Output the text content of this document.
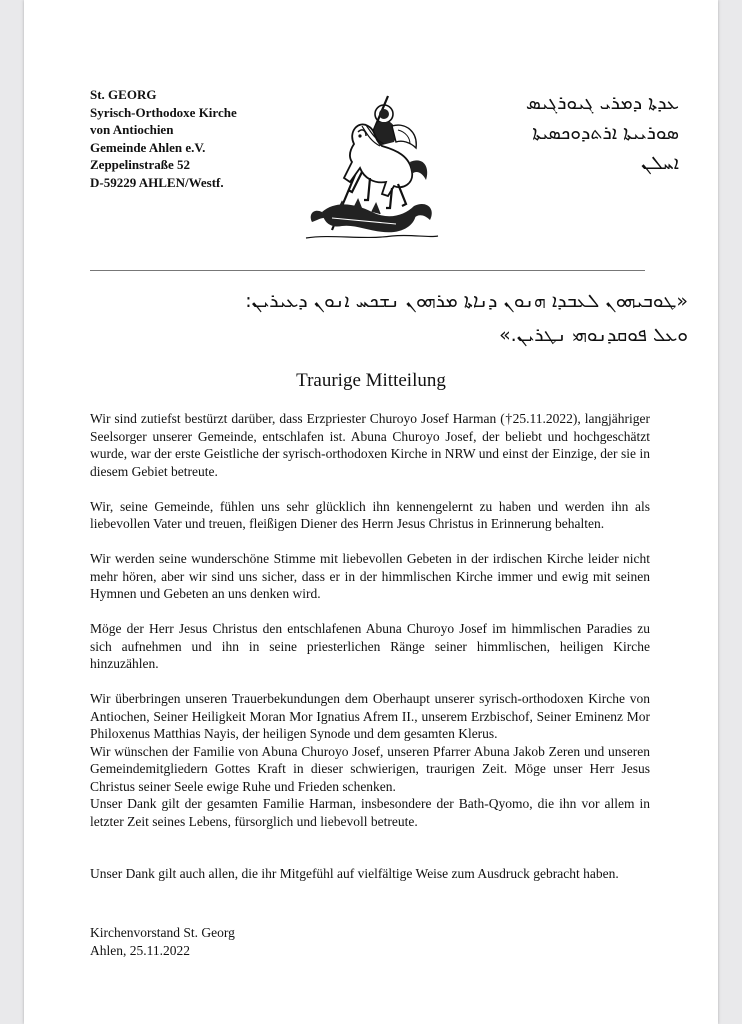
St. GEORG
Syrisch-Orthodoxe Kirche
von Antiochien
Gemeinde Ahlen e.V.
Zeppelinstraße 52
D-59229 AHLEN/Westf.
ܥܕܬܐ ܕܡܪܝ ܓܝܘܪܓܝܣ
ܣܘܪܝܝܬܐ ܐܪܬܕܘܟܣܝܬܐ
ܐܚܠܢ
«ܛܘܒܝܗܘܢ ܠܥܒܕܐ ܗܢܘܢ ܕܢܐܬܐ ܡܪܗܘܢ ܢܫܟܚ ܐܢܘܢ ܕܥܝܪܝܢ:
ܘܥܠ ܦܘܩܕܢܘܗܝ ܢܛܪܝܢ.»
Traurige Mitteilung

Wir sind zutiefst bestürzt darüber, dass Erzpriester Churoyo Josef Harman (†25.11.2022), langjähriger Seelsorger unserer Gemeinde, entschlafen ist. Abuna Churoyo Josef, der beliebt und hochgeschätzt wurde, war der erste Geistliche der syrisch-orthodoxen Kirche in NRW und einst der Einzige, der sie in diesem Gebiet betreute.

Wir, seine Gemeinde, fühlen uns sehr glücklich ihn kennengelernt zu haben und werden ihn als liebevollen Vater und treuen, fleißigen Diener des Herrn Jesus Christus in Erinnerung behalten.

Wir werden seine wunderschöne Stimme mit liebevollen Gebeten in der irdischen Kirche leider nicht mehr hören, aber wir sind uns sicher, dass er in der himmlischen Kirche immer und ewig mit seinen Hymnen und Gebeten an uns denken wird.

Möge der Herr Jesus Christus den entschlafenen Abuna Churoyo Josef im himmlischen Paradies zu sich aufnehmen und ihn in seine priesterlichen Ränge seiner himmlischen, heiligen Kirche hinzuzählen.

Wir überbringen unseren Trauerbekundungen dem Oberhaupt unserer syrisch-orthodoxen Kirche von Antiochen, Seiner Heiligkeit Moran Mor Ignatius Afrem II., unserem Erzbischof, Seiner Eminenz Mor Philoxenus Matthias Nayis, der heiligen Synode und dem gesamten Klerus.

Wir wünschen der Familie von Abuna Churoyo Josef, unseren Pfarrer Abuna Jakob Zeren und unseren Gemeindemitgliedern Gottes Kraft in dieser schwierigen, traurigen Zeit. Möge unser Herr Jesus Christus seiner Seele ewige Ruhe und Frieden schenken.

Unser Dank gilt der gesamten Familie Harman, insbesondere der Bath-Qyomo, die ihn vor allem in letzter Zeit seines Lebens, fürsorglich und liebevoll betreute.

Unser Dank gilt auch allen, die ihr Mitgefühl auf vielfältige Weise zum Ausdruck gebracht haben.

Kirchenvorstand St. Georg
Ahlen, 25.11.2022
